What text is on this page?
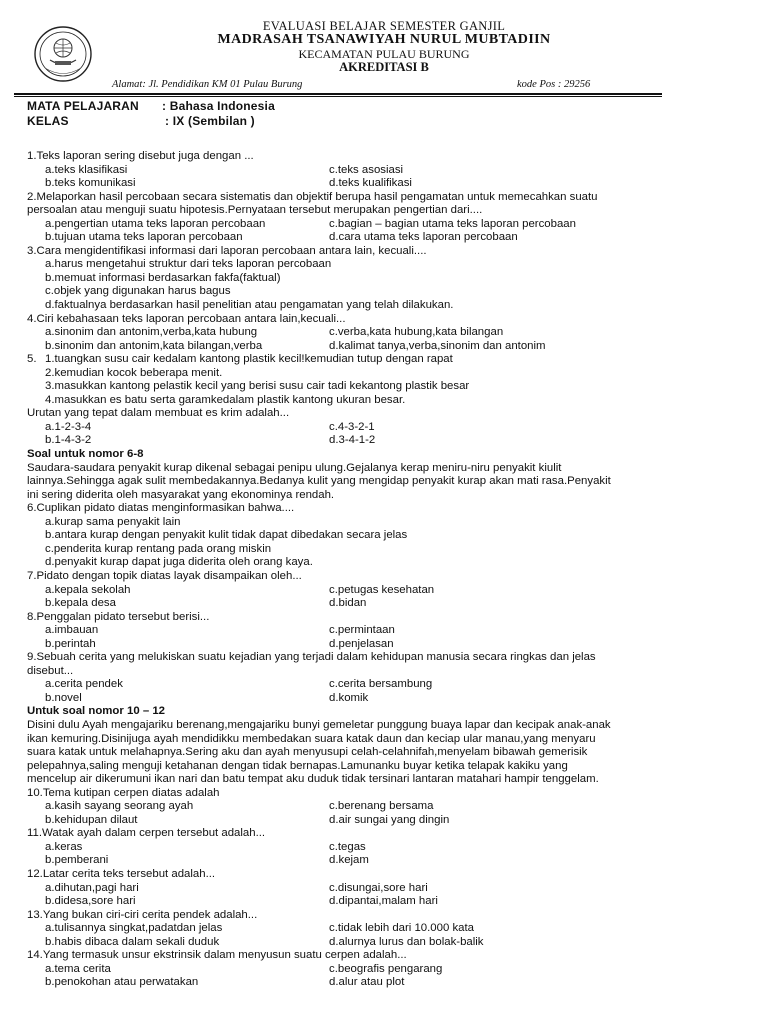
EVALUASI BELAJAR SEMESTER GANJIL
MADRASAH TSANAWIYAH NURUL MUBTADIIN
KECAMATAN PULAU BURUNG
AKREDITASI B
Alamat: Jl. Pendidikan KM 01 Pulau Burung	kode Pos : 29256
MATA PELAJARAN : Bahasa Indonesia
KELAS	: IX (Sembilan )
1.Teks laporan sering disebut juga dengan ...
a.teks klasifikasi	c.teks asosiasi
b.teks komunikasi	d.teks kualifikasi
2.Melaporkan hasil percobaan secara sistematis dan objektif berupa hasil pengamatan untuk memecahkan suatu
persoalan atau menguji suatu hipotesis.Pernyataan tersebut merupakan pengertian dari....
a.pengertian utama teks laporan percobaan	c.bagian – bagian utama teks laporan percobaan
b.tujuan utama teks laporan percobaan	d.cara utama teks laporan percobaan
3.Cara mengidentifikasi informasi dari laporan percobaan antara lain, kecuali....
a.harus mengetahui struktur dari teks laporan percobaan
b.memuat informasi berdasarkan fakfa(faktual)
c.objek yang digunakan harus bagus
d.faktualnya berdasarkan hasil penelitian atau pengamatan yang telah dilakukan.
4.Ciri kebahasaan teks laporan percobaan antara lain,kecuali...
a.sinonim dan antonim,verba,kata hubung	c.verba,kata hubung,kata bilangan
b.sinonim dan antonim,kata bilangan,verba	d.kalimat tanya,verba,sinonim dan antonim
5. 1.tuangkan susu cair kedalam kantong plastik kecil!kemudian tutup dengan rapat
2.kemudian kocok beberapa menit.
3.masukkan kantong pelastik kecil yang berisi susu cair tadi kekantong plastik besar
4.masukkan es batu serta garamkedalam plastik kantong ukuran besar.
Urutan yang tepat dalam membuat es krim adalah...
a.1-2-3-4	c.4-3-2-1
b.1-4-3-2	d.3-4-1-2
Soal untuk nomor 6-8
Saudara-saudara penyakit kurap dikenal sebagai penipu ulung.Gejalanya kerap meniru-niru penyakit kiulit
lainnya.Sehingga agak sulit membedakannya.Bedanya kulit yang mengidap penyakit kurap akan mati rasa.Penyakit
ini sering diderita oleh masyarakat yang ekonominya rendah.
6.Cuplikan pidato diatas menginformasikan bahwa....
a.kurap sama penyakit lain
b.antara kurap dengan penyakit kulit tidak dapat dibedakan secara jelas
c.penderita kurap rentang pada orang miskin
d.penyakit kurap dapat juga diderita oleh orang kaya.
7.Pidato dengan topik diatas layak disampaikan oleh...
a.kepala sekolah	c.petugas kesehatan
b.kepala desa	d.bidan
8.Penggalan pidato tersebut berisi...
a.imbauan	c.permintaan
b.perintah	d.penjelasan
9.Sebuah cerita yang melukiskan suatu kejadian yang terjadi dalam kehidupan manusia secara ringkas dan jelas
disebut...
a.cerita pendek	c.cerita bersambung
b.novel	d.komik
Untuk soal nomor 10 – 12
Disini dulu Ayah mengajariku berenang,mengajariku bunyi gemeletar punggung buaya lapar dan kecipak anak-anak
ikan kemuring.Disinijuga ayah mendidikku membedakan suara katak daun dan keciap ular manau,yang menyaru
suara katak untuk melahapnya.Sering aku dan ayah menyusupi celah-celahnifah,menyelam bibawah gemerisik
pelepahnya,saling menguji ketahanan dengan tidak bernapas.Lamunanku buyar ketika telapak kakiku yang
mencelup air dikerumuni ikan nari dan batu tempat aku duduk tidak tersinari lantaran matahari hampir tenggelam.
10.Tema kutipan cerpen diatas adalah
a.kasih sayang seorang ayah	c.berenang bersama
b.kehidupan dilaut	d.air sungai yang dingin
11.Watak ayah dalam cerpen tersebut adalah...
a.keras	c.tegas
b.pemberani	d.kejam
12.Latar cerita teks tersebut adalah...
a.dihutan,pagi hari	c.disungai,sore hari
b.didesa,sore hari	d.dipantai,malam hari
13.Yang bukan ciri-ciri cerita pendek adalah...
a.tulisannya singkat,padatdan jelas	c.tidak lebih dari 10.000 kata
b.habis dibaca dalam sekali duduk	d.alurnya lurus dan bolak-balik
14.Yang termasuk unsur ekstrinsik dalam menyusun suatu cerpen adalah...
a.tema cerita	c.beografis pengarang
b.penokohan atau perwatakan	d.alur atau plot
